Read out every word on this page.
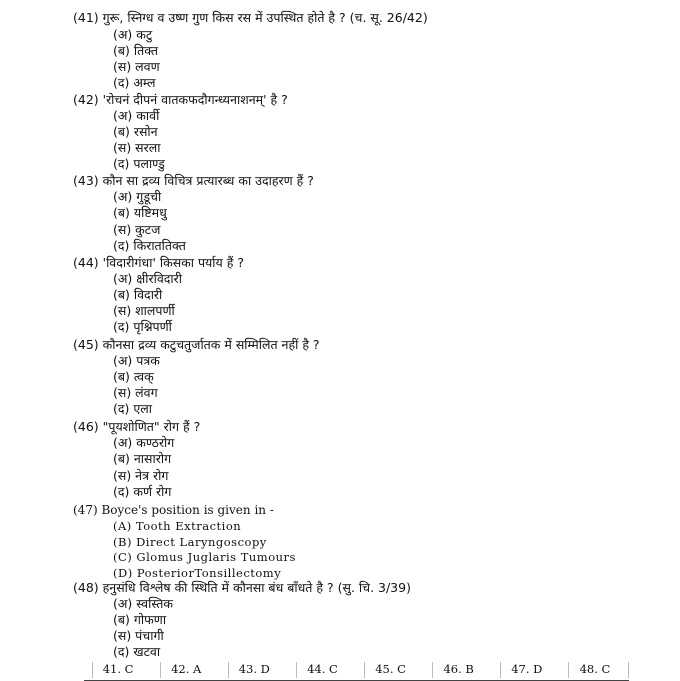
(41) गुरू, स्निग्ध व उष्ण गुण किस रस में उपस्थित होते है ? (च. सू. 26/42)
(अ) कटु
(ब) तिक्त
(स) लवण
(द) अम्ल
(42) 'रोचनं दीपनं वातकफदौगन्ध्यनाशनम्' है ?
(अ) कार्वी
(ब) रसोन
(स) सरला
(द) पलाण्डु
(43) कौन सा द्रव्य विचित्र प्रत्यारब्ध का उदाहरण हैं ?
(अ) गुडूची
(ब) यष्टिमधु
(स) कुटज
(द) किराततिक्त
(44) 'विदारीगंधा' किसका पर्याय हैं ?
(अ) क्षीरविदारी
(ब) विदारी
(स) शालपर्णी
(द) पृश्निपर्णी
(45) कौनसा द्रव्य कटुचतुर्जातक में सम्मिलित नहीं है ?
(अ) पत्रक
(ब) त्वक्
(स) लंवग
(द) एला
(46) "पूयशोणित" रोग हैं ?
(अ) कण्ठरोग
(ब) नासारोग
(स) नेत्र रोग
(द) कर्ण रोग
(47) Boyce's position is given in -
(A) Tooth Extraction
(B) Direct Laryngoscopy
(C) Glomus Juglaris Tumours
(D) PosteriorTonsillectomy
(48) हनुसंधि विश्लेष की स्थिति में कौनसा बंध बाँधते है ? (सु. चि. 3/39)
(अ) स्वस्तिक
(ब) गोफणा
(स) पंचागी
(द) खटवा
41. C	42. A	43. D	44. C	45. C	46. B	47. D	48. C
